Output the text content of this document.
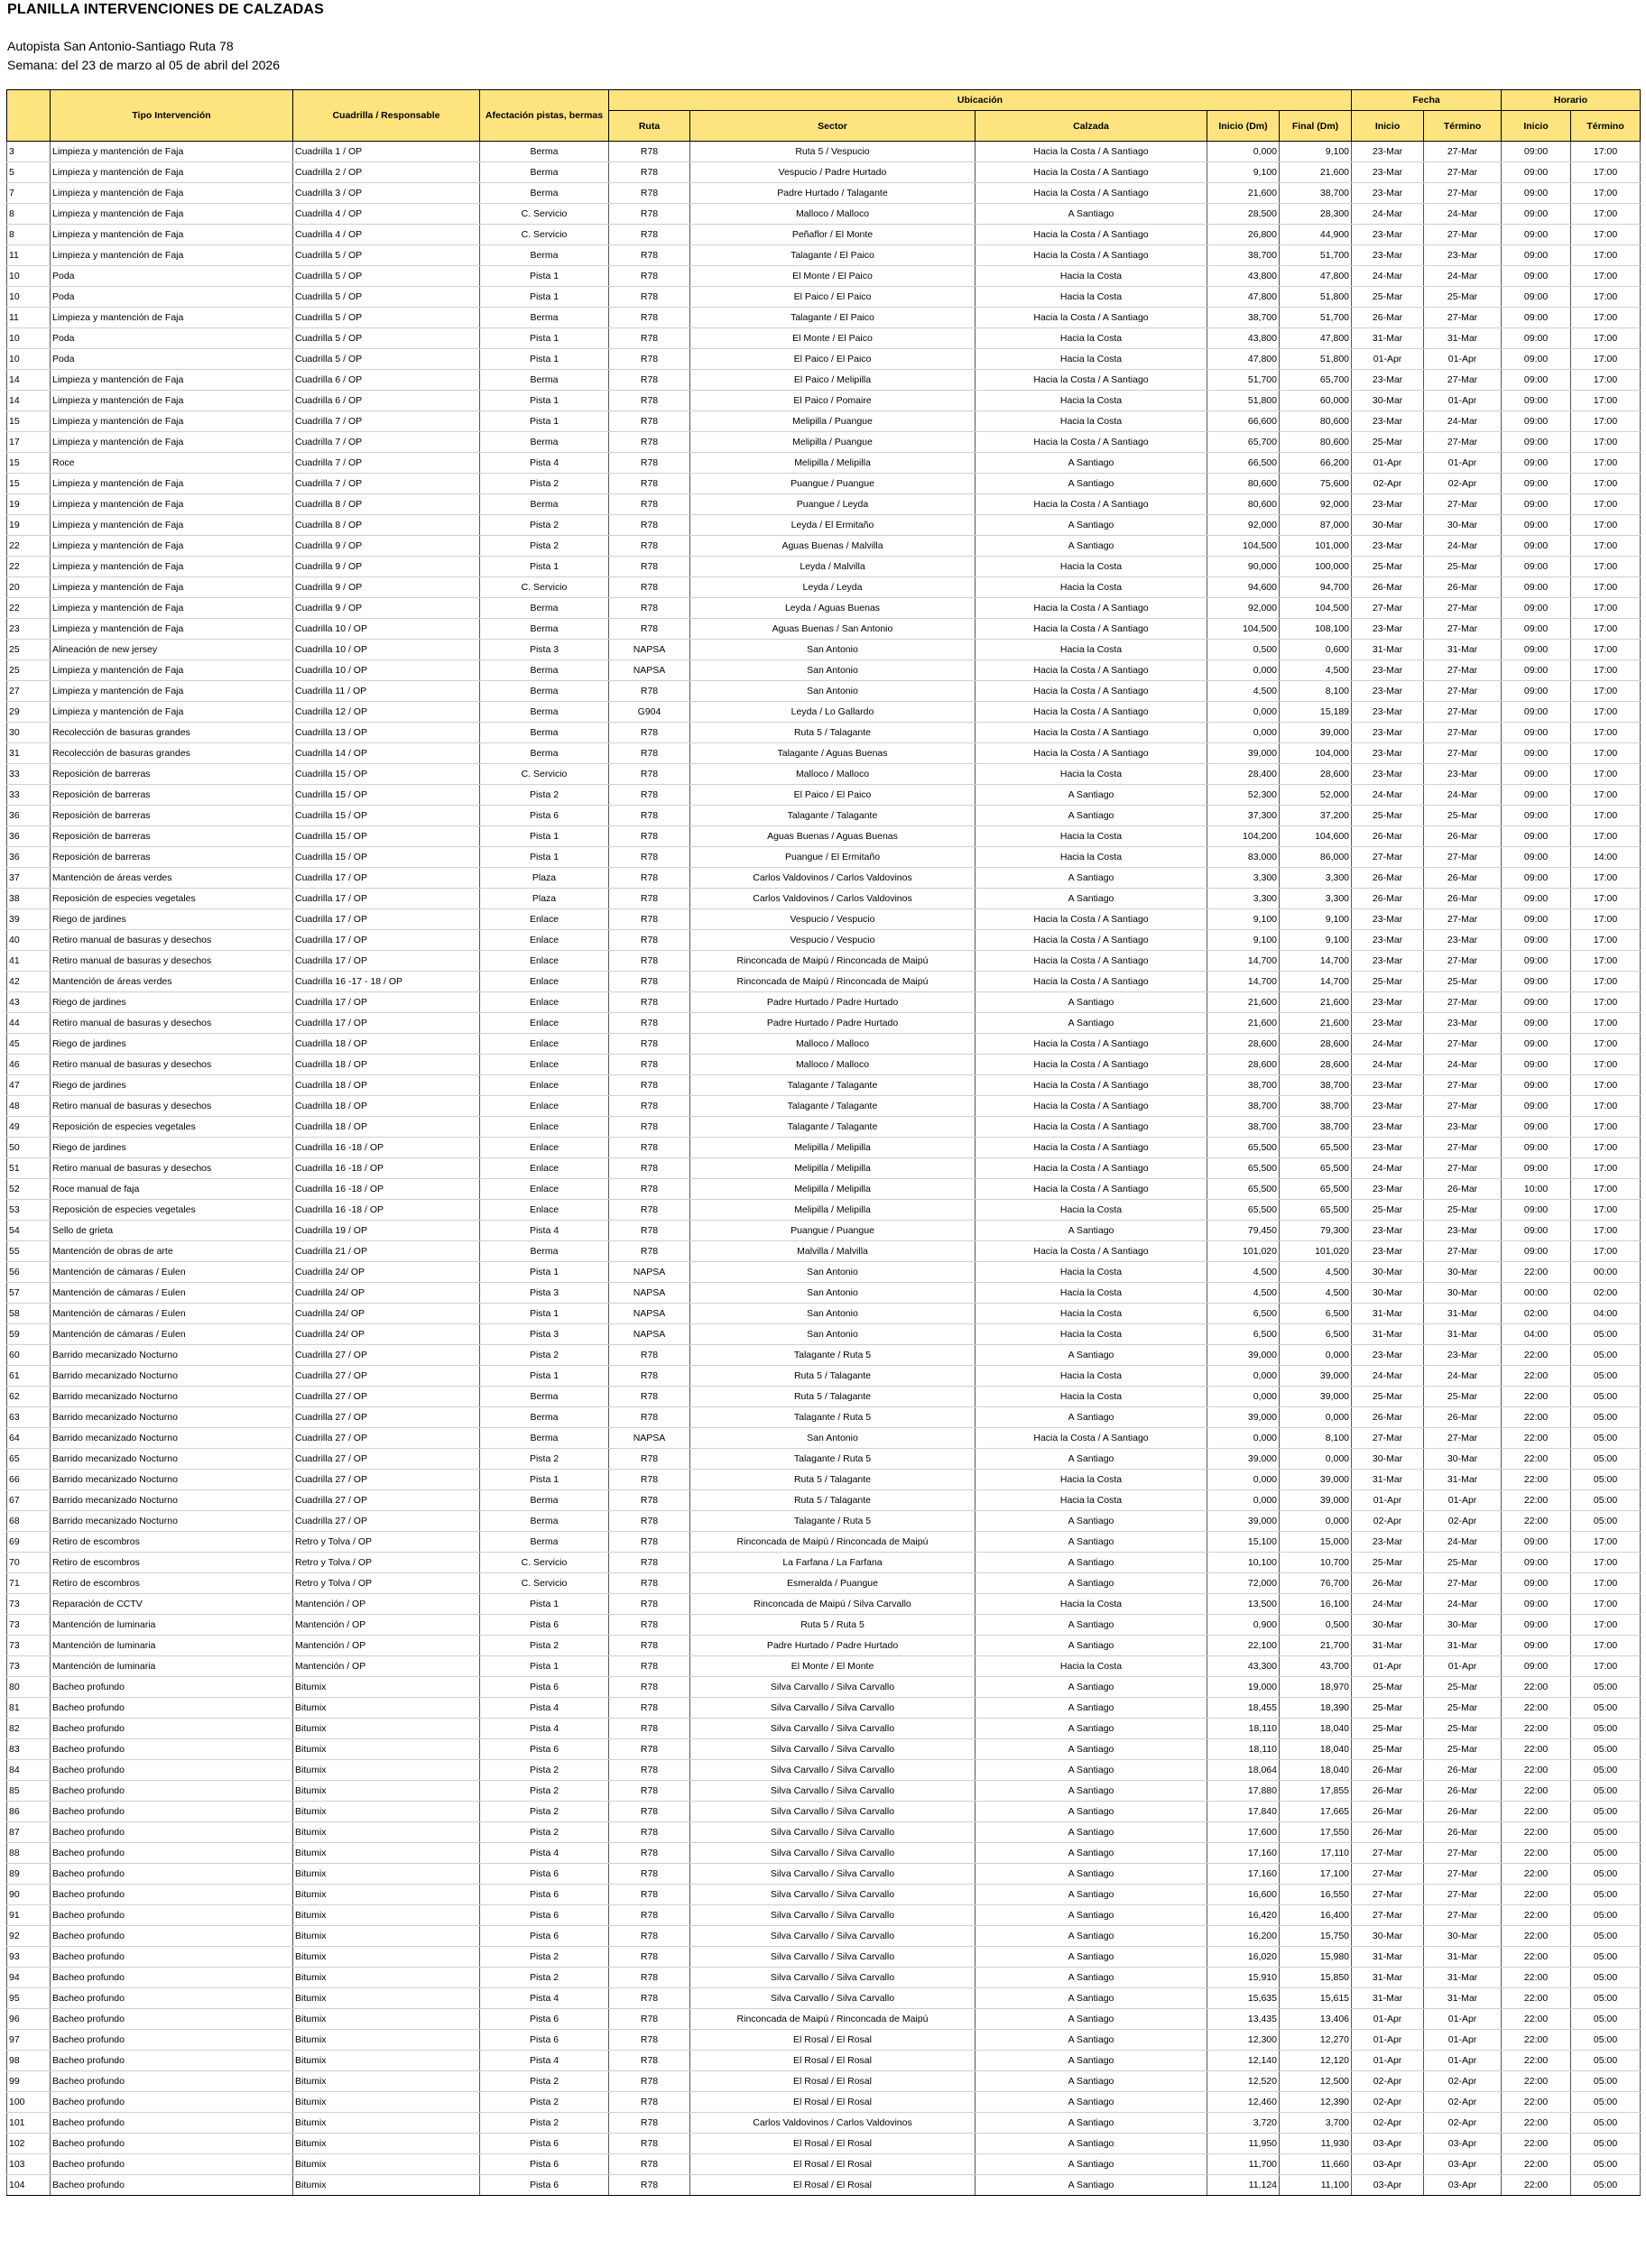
PLANILLA INTERVENCIONES DE CALZADAS
Autopista San Antonio-Santiago Ruta 78
Semana: del 23 de marzo al 05 de abril del 2026
	Tipo Intervención	Cuadrilla / Responsable	Afectación pistas, bermas	Ubicación					Fecha		Horario	
				Ruta	Sector	Calzada	Inicio (Dm)	Final (Dm)	Inicio	Término	Inicio	Término
3	Limpieza y mantención de Faja	Cuadrilla 1 / OP	Berma	R78	Ruta 5 / Vespucio	Hacia la Costa / A Santiago	0,000	9,100	23-Mar	27-Mar	09:00	17:00
5	Limpieza y mantención de Faja	Cuadrilla 2 / OP	Berma	R78	Vespucio / Padre Hurtado	Hacia la Costa / A Santiago	9,100	21,600	23-Mar	27-Mar	09:00	17:00
7	Limpieza y mantención de Faja	Cuadrilla 3 / OP	Berma	R78	Padre Hurtado / Talagante	Hacia la Costa / A Santiago	21,600	38,700	23-Mar	27-Mar	09:00	17:00
8	Limpieza y mantención de Faja	Cuadrilla 4 / OP	C. Servicio	R78	Malloco / Malloco	A Santiago	28,500	28,300	24-Mar	24-Mar	09:00	17:00
8	Limpieza y mantención de Faja	Cuadrilla 4 / OP	C. Servicio	R78	Peñaflor / El Monte	Hacia la Costa / A Santiago	26,800	44,900	23-Mar	27-Mar	09:00	17:00
11	Limpieza y mantención de Faja	Cuadrilla 5 / OP	Berma	R78	Talagante / El Paico	Hacia la Costa / A Santiago	38,700	51,700	23-Mar	23-Mar	09:00	17:00
10	Poda	Cuadrilla 5 / OP	Pista 1	R78	El Monte / El Paico	Hacia la Costa	43,800	47,800	24-Mar	24-Mar	09:00	17:00
10	Poda	Cuadrilla 5 / OP	Pista 1	R78	El Paico / El Paico	Hacia la Costa	47,800	51,800	25-Mar	25-Mar	09:00	17:00
11	Limpieza y mantención de Faja	Cuadrilla 5 / OP	Berma	R78	Talagante / El Paico	Hacia la Costa / A Santiago	38,700	51,700	26-Mar	27-Mar	09:00	17:00
10	Poda	Cuadrilla 5 / OP	Pista 1	R78	El Monte / El Paico	Hacia la Costa	43,800	47,800	31-Mar	31-Mar	09:00	17:00
10	Poda	Cuadrilla 5 / OP	Pista 1	R78	El Paico / El Paico	Hacia la Costa	47,800	51,800	01-Apr	01-Apr	09:00	17:00
14	Limpieza y mantención de Faja	Cuadrilla 6 / OP	Berma	R78	El Paico / Melipilla	Hacia la Costa / A Santiago	51,700	65,700	23-Mar	27-Mar	09:00	17:00
14	Limpieza y mantención de Faja	Cuadrilla 6 / OP	Pista 1	R78	El Paico / Pomaire	Hacia la Costa	51,800	60,000	30-Mar	01-Apr	09:00	17:00
15	Limpieza y mantención de Faja	Cuadrilla 7 / OP	Pista 1	R78	Melipilla / Puangue	Hacia la Costa	66,600	80,600	23-Mar	24-Mar	09:00	17:00
17	Limpieza y mantención de Faja	Cuadrilla 7 / OP	Berma	R78	Melipilla / Puangue	Hacia la Costa / A Santiago	65,700	80,600	25-Mar	27-Mar	09:00	17:00
15	Roce	Cuadrilla 7 / OP	Pista 4	R78	Melipilla / Melipilla	A Santiago	66,500	66,200	01-Apr	01-Apr	09:00	17:00
15	Limpieza y mantención de Faja	Cuadrilla 7 / OP	Pista 2	R78	Puangue / Puangue	A Santiago	80,600	75,600	02-Apr	02-Apr	09:00	17:00
19	Limpieza y mantención de Faja	Cuadrilla 8 / OP	Berma	R78	Puangue / Leyda	Hacia la Costa / A Santiago	80,600	92,000	23-Mar	27-Mar	09:00	17:00
19	Limpieza y mantención de Faja	Cuadrilla 8 / OP	Pista 2	R78	Leyda / El Ermitaño	A Santiago	92,000	87,000	30-Mar	30-Mar	09:00	17:00
22	Limpieza y mantención de Faja	Cuadrilla 9 / OP	Pista 2	R78	Aguas Buenas / Malvilla	A Santiago	104,500	101,000	23-Mar	24-Mar	09:00	17:00
22	Limpieza y mantención de Faja	Cuadrilla 9 / OP	Pista 1	R78	Leyda / Malvilla	Hacia la Costa	90,000	100,000	25-Mar	25-Mar	09:00	17:00
20	Limpieza y mantención de Faja	Cuadrilla 9 / OP	C. Servicio	R78	Leyda / Leyda	Hacia la Costa	94,600	94,700	26-Mar	26-Mar	09:00	17:00
22	Limpieza y mantención de Faja	Cuadrilla 9 / OP	Berma	R78	Leyda / Aguas Buenas	Hacia la Costa / A Santiago	92,000	104,500	27-Mar	27-Mar	09:00	17:00
23	Limpieza y mantención de Faja	Cuadrilla 10 / OP	Berma	R78	Aguas Buenas / San Antonio	Hacia la Costa / A Santiago	104,500	108,100	23-Mar	27-Mar	09:00	17:00
25	Alineación de new jersey	Cuadrilla 10 / OP	Pista 3	NAPSA	San Antonio	Hacia la Costa	0,500	0,600	31-Mar	31-Mar	09:00	17:00
25	Limpieza y mantención de Faja	Cuadrilla 10 / OP	Berma	NAPSA	San Antonio	Hacia la Costa / A Santiago	0,000	4,500	23-Mar	27-Mar	09:00	17:00
27	Limpieza y mantención de Faja	Cuadrilla 11 / OP	Berma	R78	San Antonio	Hacia la Costa / A Santiago	4,500	8,100	23-Mar	27-Mar	09:00	17:00
29	Limpieza y mantención de Faja	Cuadrilla 12 / OP	Berma	G904	Leyda / Lo Gallardo	Hacia la Costa / A Santiago	0,000	15,189	23-Mar	27-Mar	09:00	17:00
30	Recolección de basuras grandes	Cuadrilla 13 / OP	Berma	R78	Ruta 5 / Talagante	Hacia la Costa / A Santiago	0,000	39,000	23-Mar	27-Mar	09:00	17:00
31	Recolección de basuras grandes	Cuadrilla 14 / OP	Berma	R78	Talagante / Aguas Buenas	Hacia la Costa / A Santiago	39,000	104,000	23-Mar	27-Mar	09:00	17:00
33	Reposición de barreras	Cuadrilla 15 / OP	C. Servicio	R78	Malloco / Malloco	Hacia la Costa	28,400	28,600	23-Mar	23-Mar	09:00	17:00
33	Reposición de barreras	Cuadrilla 15 / OP	Pista 2	R78	El Paico / El Paico	A Santiago	52,300	52,000	24-Mar	24-Mar	09:00	17:00
36	Reposición de barreras	Cuadrilla 15 / OP	Pista 6	R78	Talagante / Talagante	A Santiago	37,300	37,200	25-Mar	25-Mar	09:00	17:00
36	Reposición de barreras	Cuadrilla 15 / OP	Pista 1	R78	Aguas Buenas / Aguas Buenas	Hacia la Costa	104,200	104,600	26-Mar	26-Mar	09:00	17:00
36	Reposición de barreras	Cuadrilla 15 / OP	Pista 1	R78	Puangue / El Ermitaño	Hacia la Costa	83,000	86,000	27-Mar	27-Mar	09:00	14:00
37	Mantención de áreas verdes	Cuadrilla 17 / OP	Plaza	R78	Carlos Valdovinos / Carlos Valdovinos	A Santiago	3,300	3,300	26-Mar	26-Mar	09:00	17:00
38	Reposición de especies vegetales	Cuadrilla 17 / OP	Plaza	R78	Carlos Valdovinos / Carlos Valdovinos	A Santiago	3,300	3,300	26-Mar	26-Mar	09:00	17:00
39	Riego de jardines	Cuadrilla 17 / OP	Enlace	R78	Vespucio / Vespucio	Hacia la Costa / A Santiago	9,100	9,100	23-Mar	27-Mar	09:00	17:00
40	Retiro manual de basuras y desechos	Cuadrilla 17 / OP	Enlace	R78	Vespucio / Vespucio	Hacia la Costa / A Santiago	9,100	9,100	23-Mar	23-Mar	09:00	17:00
41	Retiro manual de basuras y desechos	Cuadrilla 17 / OP	Enlace	R78	Rinconcada de Maipú / Rinconcada de Maipú	Hacia la Costa / A Santiago	14,700	14,700	23-Mar	27-Mar	09:00	17:00
42	Mantención de áreas verdes	Cuadrilla 16 -17 - 18 / OP	Enlace	R78	Rinconcada de Maipú / Rinconcada de Maipú	Hacia la Costa / A Santiago	14,700	14,700	25-Mar	25-Mar	09:00	17:00
43	Riego de jardines	Cuadrilla 17 / OP	Enlace	R78	Padre Hurtado / Padre Hurtado	A Santiago	21,600	21,600	23-Mar	27-Mar	09:00	17:00
44	Retiro manual de basuras y desechos	Cuadrilla 17 / OP	Enlace	R78	Padre Hurtado / Padre Hurtado	A Santiago	21,600	21,600	23-Mar	23-Mar	09:00	17:00
45	Riego de jardines	Cuadrilla 18 / OP	Enlace	R78	Malloco / Malloco	Hacia la Costa / A Santiago	28,600	28,600	24-Mar	27-Mar	09:00	17:00
46	Retiro manual de basuras y desechos	Cuadrilla 18 / OP	Enlace	R78	Malloco / Malloco	Hacia la Costa / A Santiago	28,600	28,600	24-Mar	24-Mar	09:00	17:00
47	Riego de jardines	Cuadrilla 18 / OP	Enlace	R78	Talagante / Talagante	Hacia la Costa / A Santiago	38,700	38,700	23-Mar	27-Mar	09:00	17:00
48	Retiro manual de basuras y desechos	Cuadrilla 18 / OP	Enlace	R78	Talagante / Talagante	Hacia la Costa / A Santiago	38,700	38,700	23-Mar	27-Mar	09:00	17:00
49	Reposición de especies vegetales	Cuadrilla 18 / OP	Enlace	R78	Talagante / Talagante	Hacia la Costa / A Santiago	38,700	38,700	23-Mar	23-Mar	09:00	17:00
50	Riego de jardines	Cuadrilla 16 -18 / OP	Enlace	R78	Melipilla / Melipilla	Hacia la Costa / A Santiago	65,500	65,500	23-Mar	27-Mar	09:00	17:00
51	Retiro manual de basuras y desechos	Cuadrilla 16 -18 / OP	Enlace	R78	Melipilla / Melipilla	Hacia la Costa / A Santiago	65,500	65,500	24-Mar	27-Mar	09:00	17:00
52	Roce manual de faja	Cuadrilla 16 -18 / OP	Enlace	R78	Melipilla / Melipilla	Hacia la Costa / A Santiago	65,500	65,500	23-Mar	26-Mar	10:00	17:00
53	Reposición de especies vegetales	Cuadrilla 16 -18 / OP	Enlace	R78	Melipilla / Melipilla	Hacia la Costa	65,500	65,500	25-Mar	25-Mar	09:00	17:00
54	Sello de grieta	Cuadrilla 19 / OP	Pista 4	R78	Puangue / Puangue	A Santiago	79,450	79,300	23-Mar	23-Mar	09:00	17:00
55	Mantención de obras de arte	Cuadrilla 21 / OP	Berma	R78	Malvilla / Malvilla	Hacia la Costa / A Santiago	101,020	101,020	23-Mar	27-Mar	09:00	17:00
56	Mantención de cámaras / Eulen	Cuadrilla 24/ OP	Pista 1	NAPSA	San Antonio	Hacia la Costa	4,500	4,500	30-Mar	30-Mar	22:00	00:00
57	Mantención de cámaras / Eulen	Cuadrilla 24/ OP	Pista 3	NAPSA	San Antonio	Hacia la Costa	4,500	4,500	30-Mar	30-Mar	00:00	02:00
58	Mantención de cámaras / Eulen	Cuadrilla 24/ OP	Pista 1	NAPSA	San Antonio	Hacia la Costa	6,500	6,500	31-Mar	31-Mar	02:00	04:00
59	Mantención de cámaras / Eulen	Cuadrilla 24/ OP	Pista 3	NAPSA	San Antonio	Hacia la Costa	6,500	6,500	31-Mar	31-Mar	04:00	05:00
60	Barrido mecanizado Nocturno	Cuadrilla 27 / OP	Pista 2	R78	Talagante / Ruta 5	A Santiago	39,000	0,000	23-Mar	23-Mar	22:00	05:00
61	Barrido mecanizado Nocturno	Cuadrilla 27 / OP	Pista 1	R78	Ruta 5 / Talagante	Hacia la Costa	0,000	39,000	24-Mar	24-Mar	22:00	05:00
62	Barrido mecanizado Nocturno	Cuadrilla 27 / OP	Berma	R78	Ruta 5 / Talagante	Hacia la Costa	0,000	39,000	25-Mar	25-Mar	22:00	05:00
63	Barrido mecanizado Nocturno	Cuadrilla 27 / OP	Berma	R78	Talagante / Ruta 5	A Santiago	39,000	0,000	26-Mar	26-Mar	22:00	05:00
64	Barrido mecanizado Nocturno	Cuadrilla 27 / OP	Berma	NAPSA	San Antonio	Hacia la Costa / A Santiago	0,000	8,100	27-Mar	27-Mar	22:00	05:00
65	Barrido mecanizado Nocturno	Cuadrilla 27 / OP	Pista 2	R78	Talagante / Ruta 5	A Santiago	39,000	0,000	30-Mar	30-Mar	22:00	05:00
66	Barrido mecanizado Nocturno	Cuadrilla 27 / OP	Pista 1	R78	Ruta 5 / Talagante	Hacia la Costa	0,000	39,000	31-Mar	31-Mar	22:00	05:00
67	Barrido mecanizado Nocturno	Cuadrilla 27 / OP	Berma	R78	Ruta 5 / Talagante	Hacia la Costa	0,000	39,000	01-Apr	01-Apr	22:00	05:00
68	Barrido mecanizado Nocturno	Cuadrilla 27 / OP	Berma	R78	Talagante / Ruta 5	A Santiago	39,000	0,000	02-Apr	02-Apr	22:00	05:00
69	Retiro de escombros	Retro y Tolva / OP	Berma	R78	Rinconcada de Maipú / Rinconcada de Maipú	A Santiago	15,100	15,000	23-Mar	24-Mar	09:00	17:00
70	Retiro de escombros	Retro y Tolva / OP	C. Servicio	R78	La Farfana / La Farfana	A Santiago	10,100	10,700	25-Mar	25-Mar	09:00	17:00
71	Retiro de escombros	Retro y Tolva / OP	C. Servicio	R78	Esmeralda / Puangue	A Santiago	72,000	76,700	26-Mar	27-Mar	09:00	17:00
73	Reparación de CCTV	Mantención / OP	Pista 1	R78	Rinconcada de Maipú / Silva Carvallo	Hacia la Costa	13,500	16,100	24-Mar	24-Mar	09:00	17:00
73	Mantención de luminaria	Mantención / OP	Pista 6	R78	Ruta 5 / Ruta 5	A Santiago	0,900	0,500	30-Mar	30-Mar	09:00	17:00
73	Mantención de luminaria	Mantención / OP	Pista 2	R78	Padre Hurtado / Padre Hurtado	A Santiago	22,100	21,700	31-Mar	31-Mar	09:00	17:00
73	Mantención de luminaria	Mantención / OP	Pista 1	R78	El Monte / El Monte	Hacia la Costa	43,300	43,700	01-Apr	01-Apr	09:00	17:00
80	Bacheo profundo	Bitumix	Pista 6	R78	Silva Carvallo / Silva Carvallo	A Santiago	19,000	18,970	25-Mar	25-Mar	22:00	05:00
81	Bacheo profundo	Bitumix	Pista 4	R78	Silva Carvallo / Silva Carvallo	A Santiago	18,455	18,390	25-Mar	25-Mar	22:00	05:00
82	Bacheo profundo	Bitumix	Pista 4	R78	Silva Carvallo / Silva Carvallo	A Santiago	18,110	18,040	25-Mar	25-Mar	22:00	05:00
83	Bacheo profundo	Bitumix	Pista 6	R78	Silva Carvallo / Silva Carvallo	A Santiago	18,110	18,040	25-Mar	25-Mar	22:00	05:00
84	Bacheo profundo	Bitumix	Pista 2	R78	Silva Carvallo / Silva Carvallo	A Santiago	18,064	18,040	26-Mar	26-Mar	22:00	05:00
85	Bacheo profundo	Bitumix	Pista 2	R78	Silva Carvallo / Silva Carvallo	A Santiago	17,880	17,855	26-Mar	26-Mar	22:00	05:00
86	Bacheo profundo	Bitumix	Pista 2	R78	Silva Carvallo / Silva Carvallo	A Santiago	17,840	17,665	26-Mar	26-Mar	22:00	05:00
87	Bacheo profundo	Bitumix	Pista 2	R78	Silva Carvallo / Silva Carvallo	A Santiago	17,600	17,550	26-Mar	26-Mar	22:00	05:00
88	Bacheo profundo	Bitumix	Pista 4	R78	Silva Carvallo / Silva Carvallo	A Santiago	17,160	17,110	27-Mar	27-Mar	22:00	05:00
89	Bacheo profundo	Bitumix	Pista 6	R78	Silva Carvallo / Silva Carvallo	A Santiago	17,160	17,100	27-Mar	27-Mar	22:00	05:00
90	Bacheo profundo	Bitumix	Pista 6	R78	Silva Carvallo / Silva Carvallo	A Santiago	16,600	16,550	27-Mar	27-Mar	22:00	05:00
91	Bacheo profundo	Bitumix	Pista 6	R78	Silva Carvallo / Silva Carvallo	A Santiago	16,420	16,400	27-Mar	27-Mar	22:00	05:00
92	Bacheo profundo	Bitumix	Pista 6	R78	Silva Carvallo / Silva Carvallo	A Santiago	16,200	15,750	30-Mar	30-Mar	22:00	05:00
93	Bacheo profundo	Bitumix	Pista 2	R78	Silva Carvallo / Silva Carvallo	A Santiago	16,020	15,980	31-Mar	31-Mar	22:00	05:00
94	Bacheo profundo	Bitumix	Pista 2	R78	Silva Carvallo / Silva Carvallo	A Santiago	15,910	15,850	31-Mar	31-Mar	22:00	05:00
95	Bacheo profundo	Bitumix	Pista 4	R78	Silva Carvallo / Silva Carvallo	A Santiago	15,635	15,615	31-Mar	31-Mar	22:00	05:00
96	Bacheo profundo	Bitumix	Pista 6	R78	Rinconcada de Maipú / Rinconcada de Maipú	A Santiago	13,435	13,406	01-Apr	01-Apr	22:00	05:00
97	Bacheo profundo	Bitumix	Pista 6	R78	El Rosal / El Rosal	A Santiago	12,300	12,270	01-Apr	01-Apr	22:00	05:00
98	Bacheo profundo	Bitumix	Pista 4	R78	El Rosal / El Rosal	A Santiago	12,140	12,120	01-Apr	01-Apr	22:00	05:00
99	Bacheo profundo	Bitumix	Pista 2	R78	El Rosal / El Rosal	A Santiago	12,520	12,500	02-Apr	02-Apr	22:00	05:00
100	Bacheo profundo	Bitumix	Pista 2	R78	El Rosal / El Rosal	A Santiago	12,460	12,390	02-Apr	02-Apr	22:00	05:00
101	Bacheo profundo	Bitumix	Pista 2	R78	Carlos Valdovinos / Carlos Valdovinos	A Santiago	3,720	3,700	02-Apr	02-Apr	22:00	05:00
102	Bacheo profundo	Bitumix	Pista 6	R78	El Rosal / El Rosal	A Santiago	11,950	11,930	03-Apr	03-Apr	22:00	05:00
103	Bacheo profundo	Bitumix	Pista 6	R78	El Rosal / El Rosal	A Santiago	11,700	11,660	03-Apr	03-Apr	22:00	05:00
104	Bacheo profundo	Bitumix	Pista 6	R78	El Rosal / El Rosal	A Santiago	11,124	11,100	03-Apr	03-Apr	22:00	05:00
